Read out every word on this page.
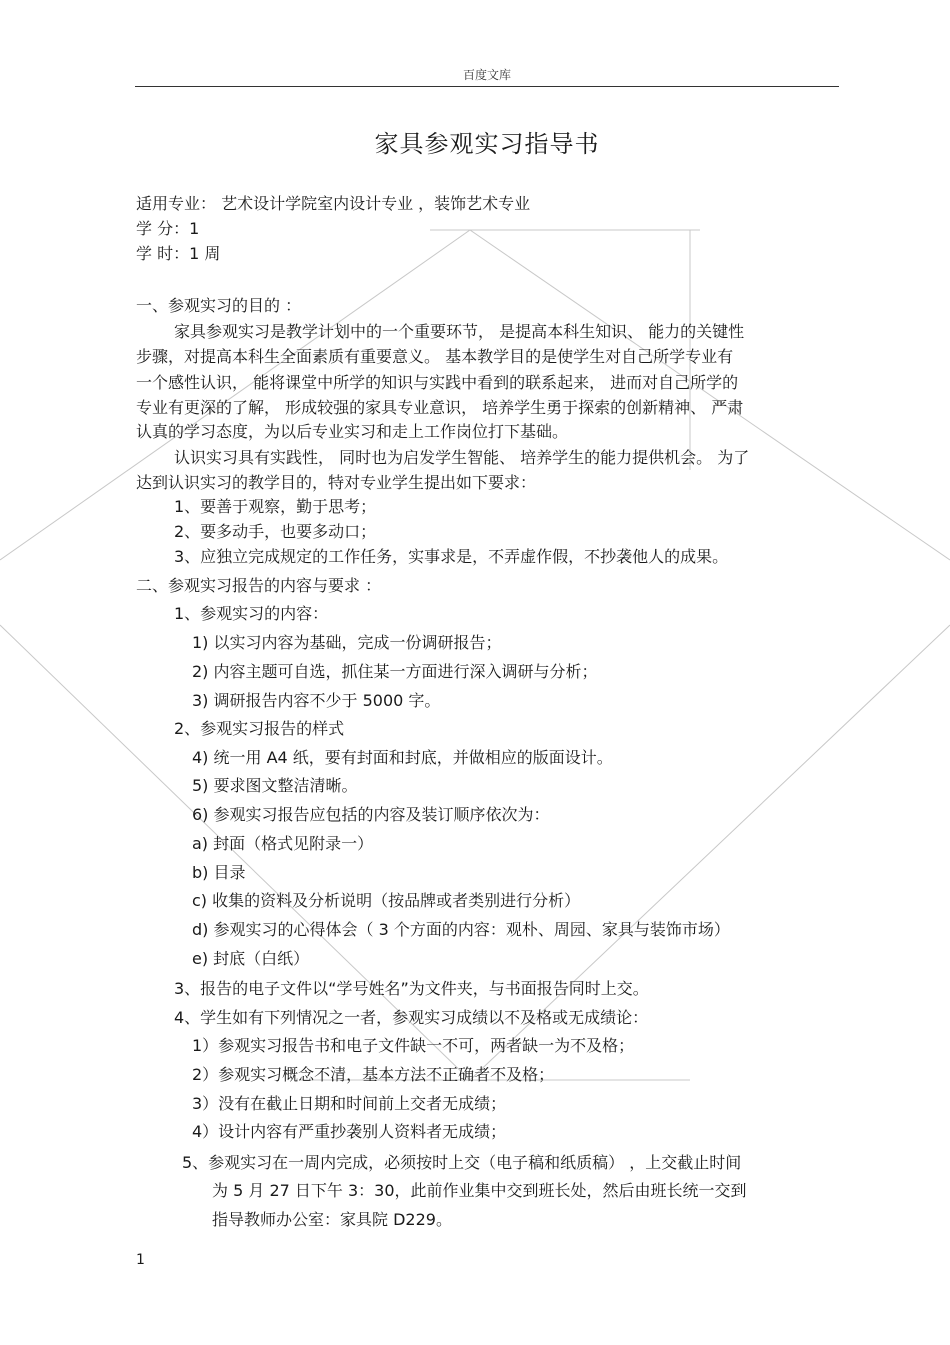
百度文库
家具参观实习指导书
适用专业： 艺术设计学院室内设计专业 ，装饰艺术专业
学 分：1
学 时：1 周
一、参观实习的目的 ：
家具参观实习是教学计划中的一个重要环节， 是提高本科生知识、 能力的关键性
步骤，对提高本科生全面素质有重要意义。 基本教学目的是使学生对自己所学专业有
一个感性认识， 能将课堂中所学的知识与实践中看到的联系起来， 进而对自己所学的
专业有更深的了解， 形成较强的家具专业意识， 培养学生勇于探索的创新精神、 严肃
认真的学习态度，为以后专业实习和走上工作岗位打下基础。
认识实习具有实践性， 同时也为启发学生智能、 培养学生的能力提供机会。 为了
达到认识实习的教学目的，特对专业学生提出如下要求：
1、要善于观察，勤于思考；
2、要多动手，也要多动口；
3、应独立完成规定的工作任务，实事求是，不弄虚作假，不抄袭他人的成果。
二、参观实习报告的内容与要求 ：
1、参观实习的内容：
1) 以实习内容为基础，完成一份调研报告；
2) 内容主题可自选，抓住某一方面进行深入调研与分析；
3) 调研报告内容不少于 5000 字。
2、参观实习报告的样式
4) 统一用 A4 纸，要有封面和封底，并做相应的版面设计。
5) 要求图文整洁清晰。
6) 参观实习报告应包括的内容及装订顺序依次为：
a) 封面（格式见附录一）
b) 目录
c) 收集的资料及分析说明（按品牌或者类别进行分析）
d) 参观实习的心得体会（ 3 个方面的内容：观朴、周园、家具与装饰市场）
e) 封底（白纸）
3、报告的电子文件以“学号姓名”为文件夹，与书面报告同时上交。
4、学生如有下列情况之一者，参观实习成绩以不及格或无成绩论：
1）参观实习报告书和电子文件缺一不可，两者缺一为不及格；
2）参观实习概念不清，基本方法不正确者不及格；
3）没有在截止日期和时间前上交者无成绩；
4）设计内容有严重抄袭别人资料者无成绩；
5、参观实习在一周内完成，必须按时上交（电子稿和纸质稿） ，上交截止时间
为 5 月 27 日下午 3：30，此前作业集中交到班长处，然后由班长统一交到
指导教师办公室：家具院 D229。
1
